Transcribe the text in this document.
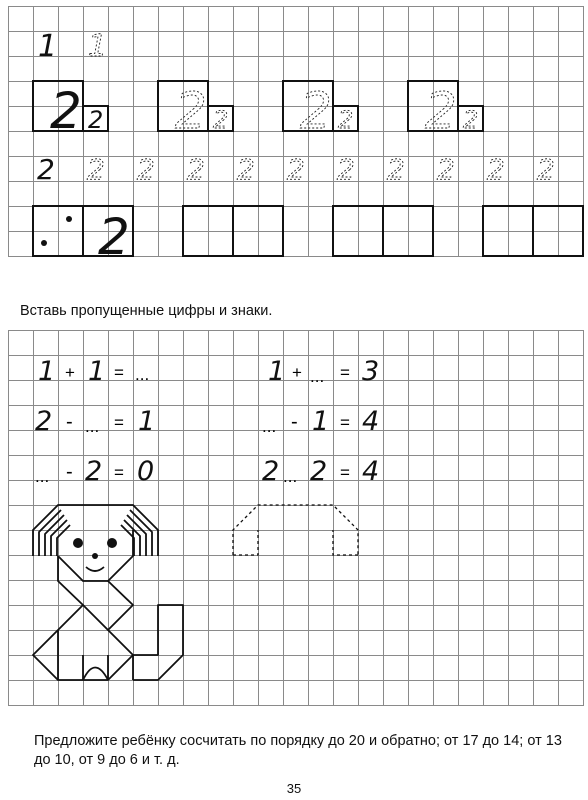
1 1
2 2 2 2 2 2 2 2
2 2 2 2 2 2 2 2 2 2 2
2
1 + 1 = ...
2 - ... = 1
... - 2 = 0
1 + ... = 3
... - 1 = 4
2 ... 2 = 4
Вставь пропущенные цифры и знаки.
Предложите ребёнку сосчитать по порядку до 20 и обратно; от 17 до 14; от 13 до 10, от 9 до 6 и т. д.
35
